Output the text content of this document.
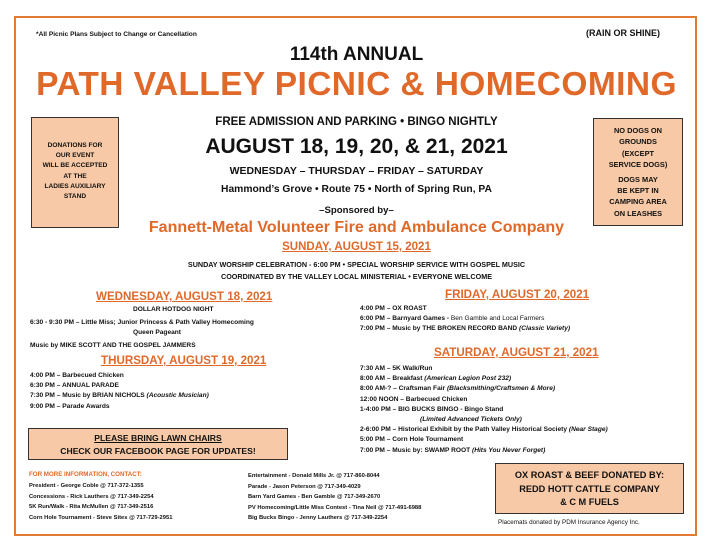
*All Picnic Plans Subject to Change or Cancellation	(RAIN OR SHINE)
114th ANNUAL
PATH VALLEY PICNIC & HOMECOMING
FREE ADMISSION AND PARKING • BINGO NIGHTLY
AUGUST 18, 19, 20, & 21, 2021
WEDNESDAY – THURSDAY – FRIDAY – SATURDAY
Hammond’s Grove • Route 75 • North of Spring Run, PA
–Sponsored by–
Fannett-Metal Volunteer Fire and Ambulance Company
DONATIONS FOR
OUR EVENT
WILL BE ACCEPTED
AT THE
LADIES AUXILIARY
STAND
NO DOGS ON
GROUNDS
(EXCEPT
SERVICE DOGS)
DOGS MAY
BE KEPT IN
CAMPING AREA
ON LEASHES
SUNDAY, AUGUST 15, 2021
SUNDAY WORSHIP CELEBRATION - 6:00 PM • SPECIAL WORSHIP SERVICE WITH GOSPEL MUSIC
COORDINATED BY THE VALLEY LOCAL MINISTERIAL • EVERYONE WELCOME
WEDNESDAY, AUGUST 18, 2021
DOLLAR HOTDOG NIGHT
6:30 - 9:30 PM – Little Miss; Junior Princess & Path Valley Homecoming
Queen Pageant
Music by MIKE SCOTT AND THE GOSPEL JAMMERS
THURSDAY, AUGUST 19, 2021
4:00 PM – Barbecued Chicken
6:30 PM – ANNUAL PARADE
7:30 PM – Music by BRIAN NICHOLS (Acoustic Musician)
9:00 PM – Parade Awards
FRIDAY, AUGUST 20, 2021
4:00 PM – OX ROAST
6:00 PM – Barnyard Games - Ben Gamble and Local Farmers
7:00 PM – Music by THE BROKEN RECORD BAND (Classic Variety)
SATURDAY, AUGUST 21, 2021
7:30 AM – 5K Walk/Run
8:00 AM – Breakfast (American Legion Post 232)
8:00 AM-? – Craftsman Fair (Blacksmithing/Craftsmen & More)
12:00 NOON – Barbecued Chicken
1-4:00 PM – BIG BUCKS BINGO - Bingo Stand
(Limited Advanced Tickets Only)
2-6:00 PM – Historical Exhibit by the Path Valley Historical Society (Near Stage)
5:00 PM – Corn Hole Tournament
7:00 PM – Music by: SWAMP ROOT (Hits You Never Forget)
PLEASE BRING LAWN CHAIRS
CHECK OUR FACEBOOK PAGE FOR UPDATES!
FOR MORE INFORMATION, CONTACT:
President - George Coble @ 717-372-1355
Concessions - Rick Lauthers @ 717-349-2254
5K Run/Walk - Rita McMullen @ 717-349-2516
Corn Hole Tournament - Steve Sites @ 717-729-2951
Entertainment - Donald Mills Jr. @ 717-860-8044
Parade - Jason Peterson @ 717-349-4029
Barn Yard Games - Ben Gamble @ 717-349-2670
PV Homecoming/Little Miss Contest - Tina Neil @ 717-491-6988
Big Bucks Bingo - Jenny Lauthers @ 717-349-2254
OX ROAST & BEEF DONATED BY:
REDD HOTT CATTLE COMPANY
& C M FUELS
Placemats donated by PDM Insurance Agency Inc.
